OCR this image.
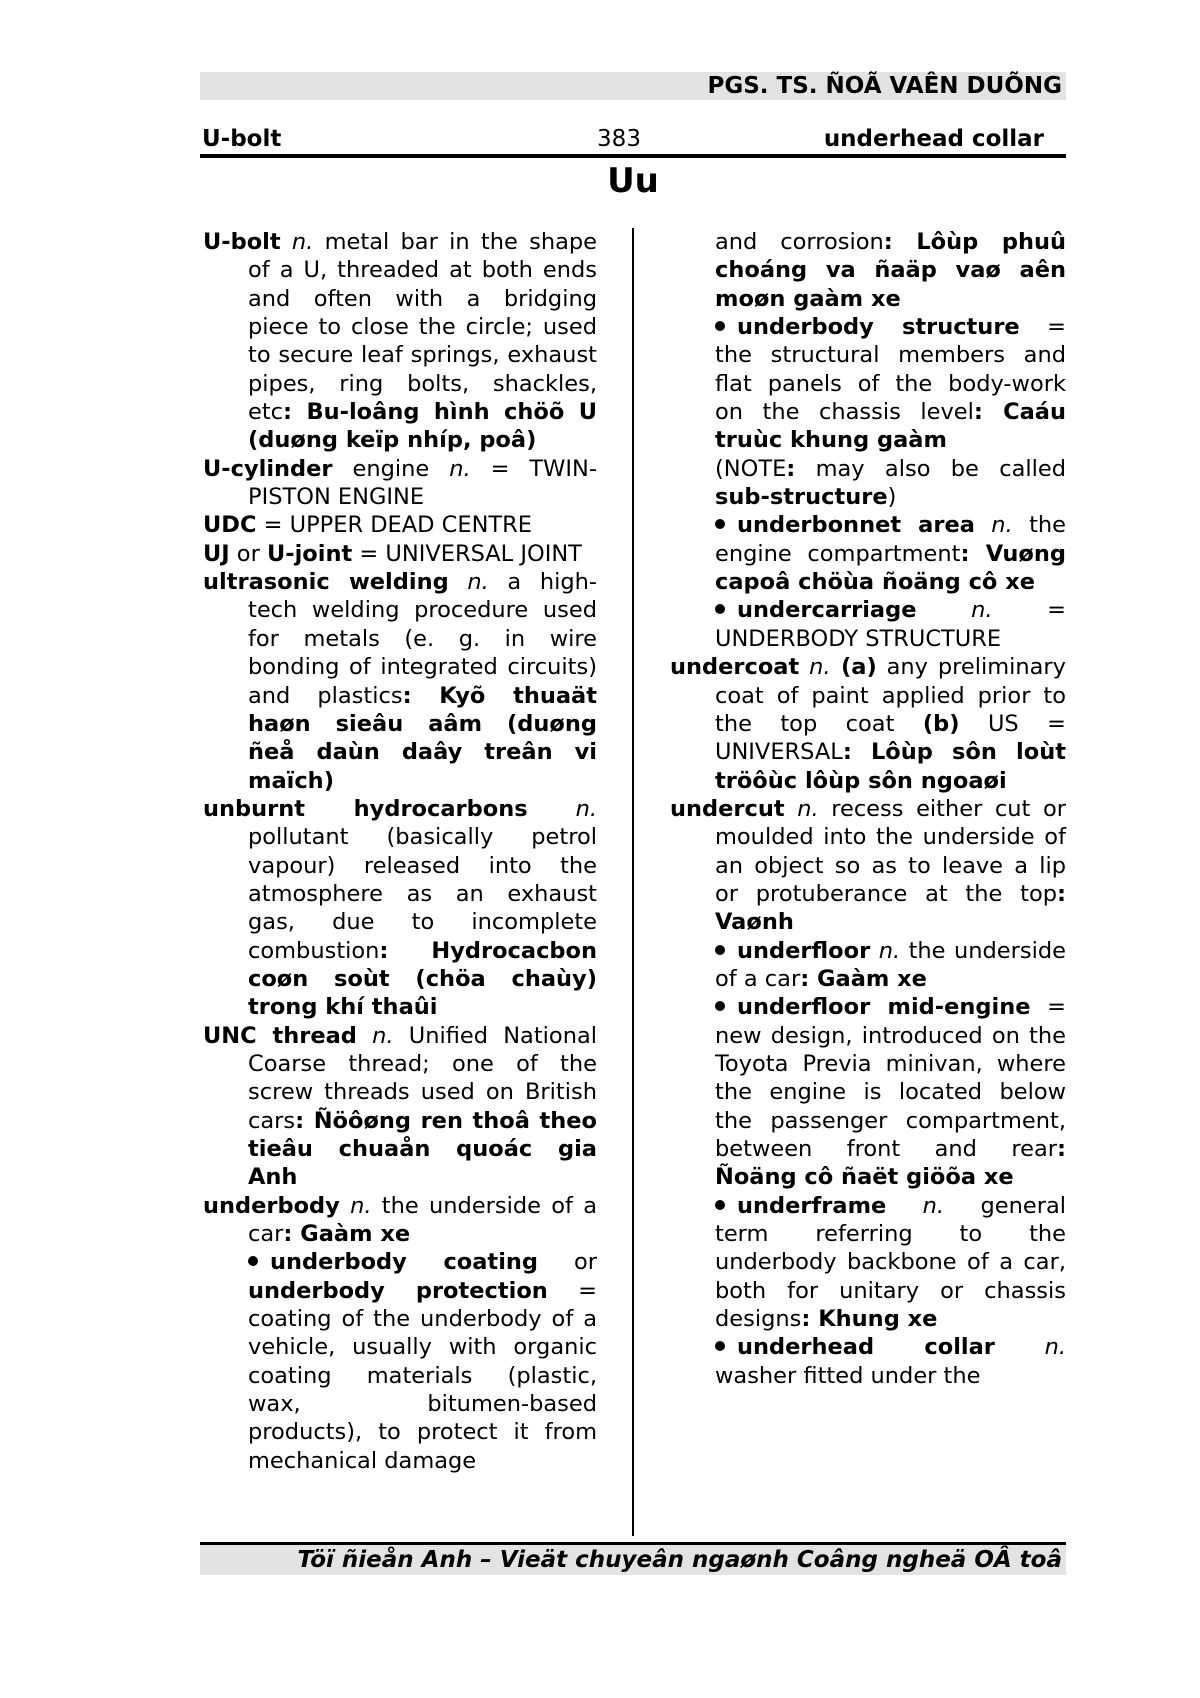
PGS. TS. ÑOÃ VAÊN DUÕNG
383
U-bolt	underhead collar
Uu

U-bolt n. metal bar in the shape of a U, threaded at both ends and often with a bridging piece to close the circle; used to secure leaf springs, exhaust pipes, ring bolts, shackles, etc: Bu-loâng hình chöõ U (duøng keïp nhíp, poâ)

U-cylinder engine n. = TWIN-PISTON ENGINE

UDC = UPPER DEAD CENTRE

UJ or U-joint = UNIVERSAL JOINT

ultrasonic welding n. a high-tech welding procedure used for metals (e. g. in wire bonding of integrated circuits) and plastics: Kyõ thuaät haøn sieâu aâm (duøng ñeå daùn daây treân vi maïch)

unburnt hydrocarbons n. pollutant (basically petrol vapour) released into the atmosphere as an exhaust gas, due to incomplete combustion: Hydrocacbon coøn soùt (chöa chaùy) trong khí thaûi

UNC thread n. Unified National Coarse thread; one of the screw threads used on British cars: Ñöôøng ren thoâ theo tieâu chuaån quoác gia Anh

underbody n. the underside of a car: Gaàm xe

underbody coating or underbody protection = coating of the underbody of a vehicle, usually with organic coating materials (plastic, wax, bitumen-based products), to protect it from mechanical damage

and corrosion: Lôùp phuû choáng va ñaäp vaø aên moøn gaàm xe

underbody structure = the structural members and flat panels of the body-work on the chassis level: Caáu truùc khung gaàm

(NOTE: may also be called sub-structure)

underbonnet area n. the engine compartment: Vuøng capoâ chöùa ñoäng cô xe

undercarriage n. = UNDERBODY STRUCTURE

undercoat n. (a) any preliminary coat of paint applied prior to the top coat (b) US = UNIVERSAL: Lôùp sôn loùt tröôùc lôùp sôn ngoaøi

undercut n. recess either cut or moulded into the underside of an object so as to leave a lip or protuberance at the top: Vaønh

underfloor n. the underside of a car: Gaàm xe

underfloor mid-engine = new design, introduced on the Toyota Previa minivan, where the engine is located below the passenger compartment, between front and rear: Ñoäng cô ñaët giöõa xe

underframe n. general term referring to the underbody backbone of a car, both for unitary or chassis designs: Khung xe

underhead collar n. washer fitted under the

Töï ñieån Anh – Vieät chuyeân ngaønh Coâng ngheä OÂ toâ
